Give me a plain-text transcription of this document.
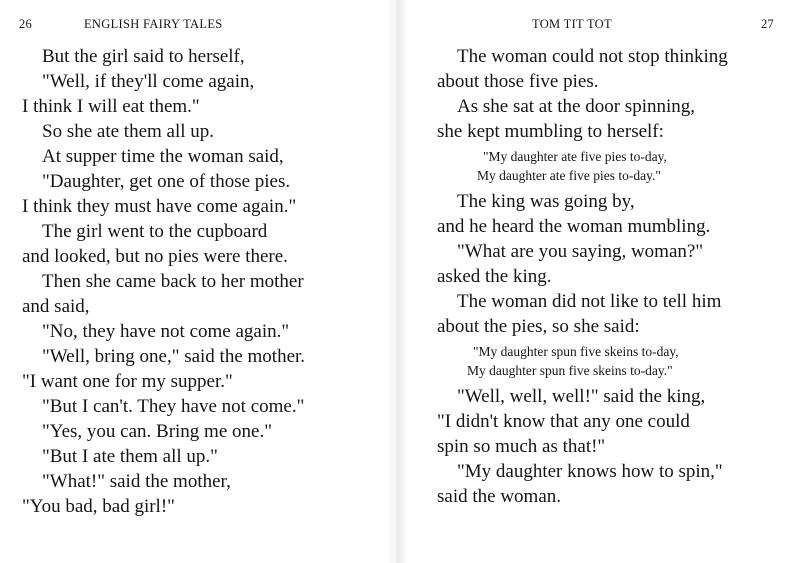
26	ENGLISH FAIRY TALES
But the girl said to herself,
"Well, if they'll come again,
I think I will eat them."
So she ate them all up.
At supper time the woman said,
"Daughter, get one of those pies.
I think they must have come again."
The girl went to the cupboard
and looked, but no pies were there.
Then she came back to her mother
and said,
"No, they have not come again."
"Well, bring one," said the mother.
"I want one for my supper."
"But I can't. They have not come."
"Yes, you can. Bring me one."
"But I ate them all up."
"What!" said the mother,
"You bad, bad girl!"
TOM TIT TOT	27
The woman could not stop thinking
about those five pies.
As she sat at the door spinning,
she kept mumbling to herself:
"My daughter ate five pies to-day,
My daughter ate five pies to-day."
The king was going by,
and he heard the woman mumbling.
"What are you saying, woman?"
asked the king.
The woman did not like to tell him
about the pies, so she said:
"My daughter spun five skeins to-day,
My daughter spun five skeins to-day."
"Well, well, well!" said the king,
"I didn't know that any one could
spin so much as that!"
"My daughter knows how to spin,"
said the woman.
